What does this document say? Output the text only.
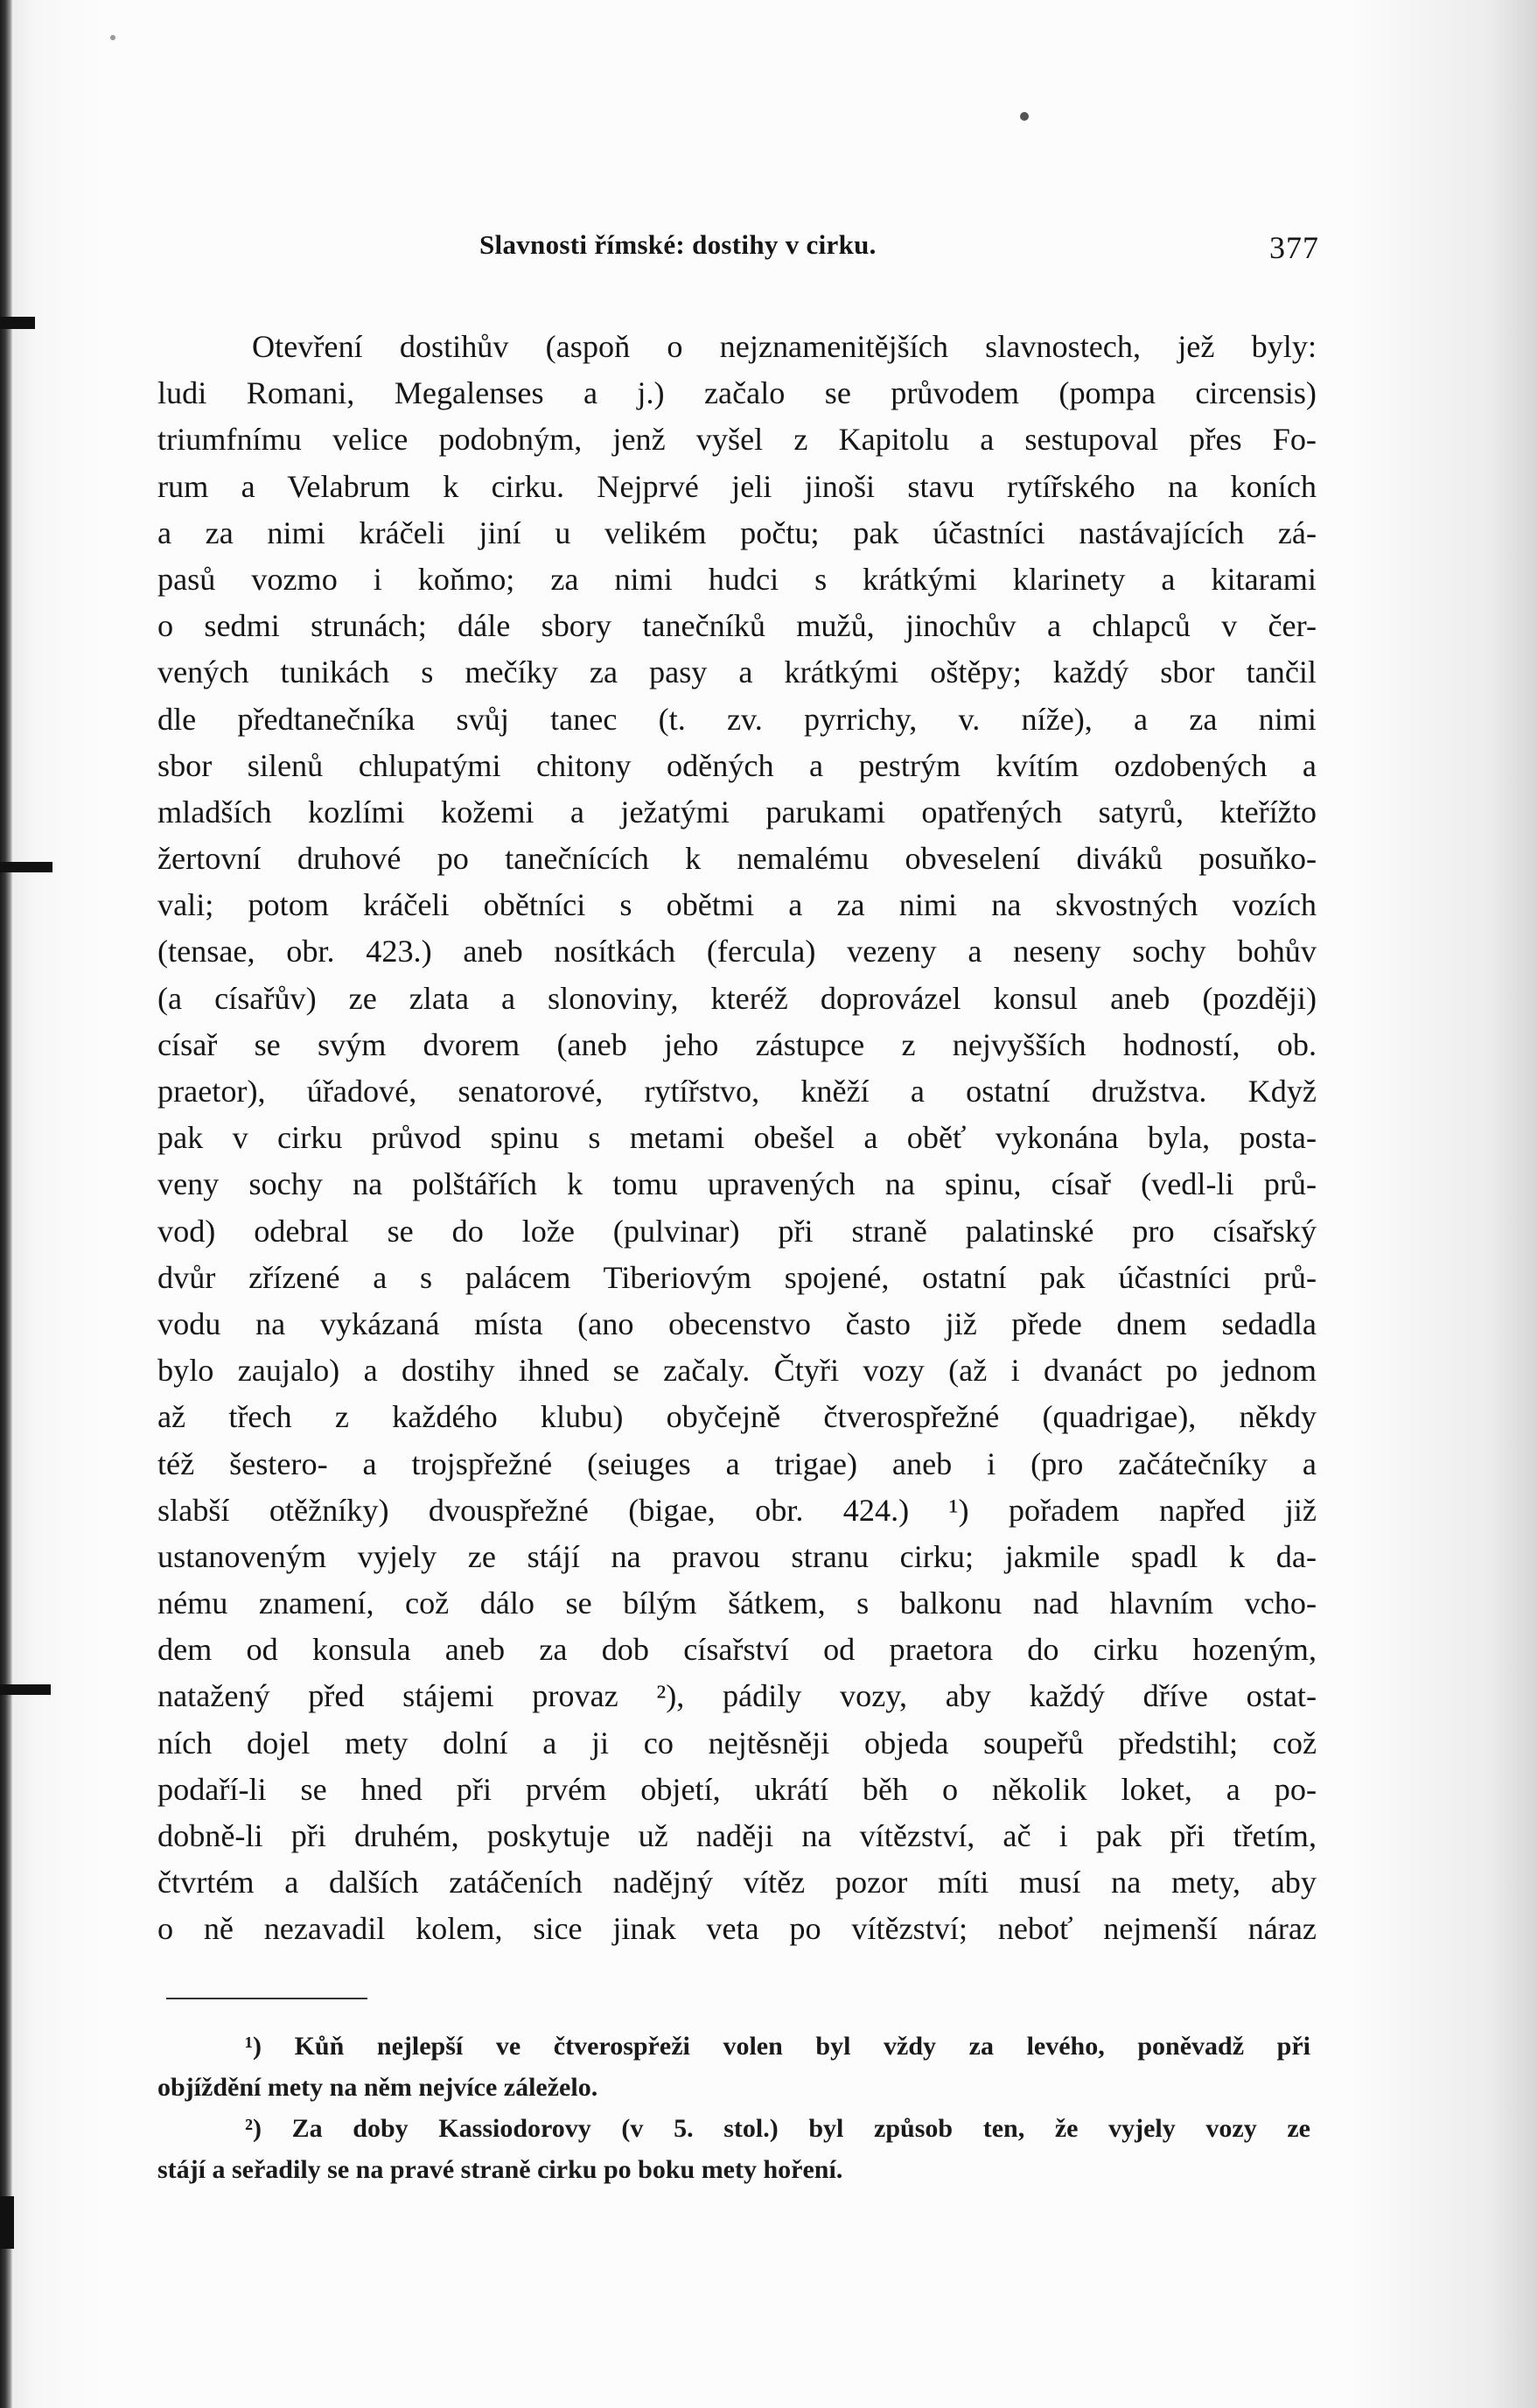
Slavnosti římské: dostihy v cirku.	377
Otevření dostihův (aspoň o nejznamenitějších slavnostech, jež byly:
ludi Romani, Megalenses a j.) začalo se průvodem (pompa circensis)
triumfnímu velice podobným, jenž vyšel z Kapitolu a sestupoval přes Fo-
rum a Velabrum k cirku. Nejprvé jeli jinoši stavu rytířského na koních
a za nimi kráčeli jiní u velikém počtu; pak účastníci nastávajících zá-
pasů vozmo i koňmo; za nimi hudci s krátkými klarinety a kitarami
o sedmi strunách; dále sbory tanečníků mužů, jinochův a chlapců v čer-
vených tunikách s mečíky za pasy a krátkými oštěpy; každý sbor tančil
dle předtanečníka svůj tanec (t. zv. pyrrichy, v. níže), a za nimi
sbor silenů chlupatými chitony oděných a pestrým kvítím ozdobených a
mladších kozlími kožemi a ježatými parukami opatřených satyrů, kteřížto
žertovní druhové po tanečnících k nemalému obveselení diváků posuňko-
vali; potom kráčeli obětníci s obětmi a za nimi na skvostných vozích
(tensae, obr. 423.) aneb nosítkách (fercula) vezeny a neseny sochy bohův
(a císařův) ze zlata a slonoviny, kteréž doprovázel konsul aneb (později)
císař se svým dvorem (aneb jeho zástupce z nejvyšších hodností, ob.
praetor), úřadové, senatorové, rytířstvo, kněží a ostatní družstva. Když
pak v cirku průvod spinu s metami obešel a oběť vykonána byla, posta-
veny sochy na polštářích k tomu upravených na spinu, císař (vedl-li prů-
vod) odebral se do lože (pulvinar) při straně palatinské pro císařský
dvůr zřízené a s palácem Tiberiovým spojené, ostatní pak účastníci prů-
vodu na vykázaná místa (ano obecenstvo často již přede dnem sedadla
bylo zaujalo) a dostihy ihned se začaly. Čtyři vozy (až i dvanáct po jednom
až třech z každého klubu) obyčejně čtverospřežné (quadrigae), někdy
též šestero- a trojspřežné (seiuges a trigae) aneb i (pro začátečníky a
slabší otěžníky) dvouspřežné (bigae, obr. 424.) ¹) pořadem napřed již
ustanoveným vyjely ze stájí na pravou stranu cirku; jakmile spadl k da-
nému znamení, což dálo se bílým šátkem, s balkonu nad hlavním vcho-
dem od konsula aneb za dob císařství od praetora do cirku hozeným,
natažený před stájemi provaz ²), pádily vozy, aby každý dříve ostat-
ních dojel mety dolní a ji co nejtěsněji objeda soupeřů předstihl; což
podaří-li se hned při prvém objetí, ukrátí běh o několik loket, a po-
dobně-li při druhém, poskytuje už naději na vítězství, ač i pak při třetím,
čtvrtém a dalších zatáčeních nadějný vítěz pozor míti musí na mety, aby
o ně nezavadil kolem, sice jinak veta po vítězství; neboť nejmenší náraz
¹) Kůň nejlepší ve čtverospřeži volen byl vždy za levého, poněvadž při
objíždění mety na něm nejvíce záleželo.
²) Za doby Kassiodorovy (v 5. stol.) byl způsob ten, že vyjely vozy ze
stájí a seřadily se na pravé straně cirku po boku mety hoření.
